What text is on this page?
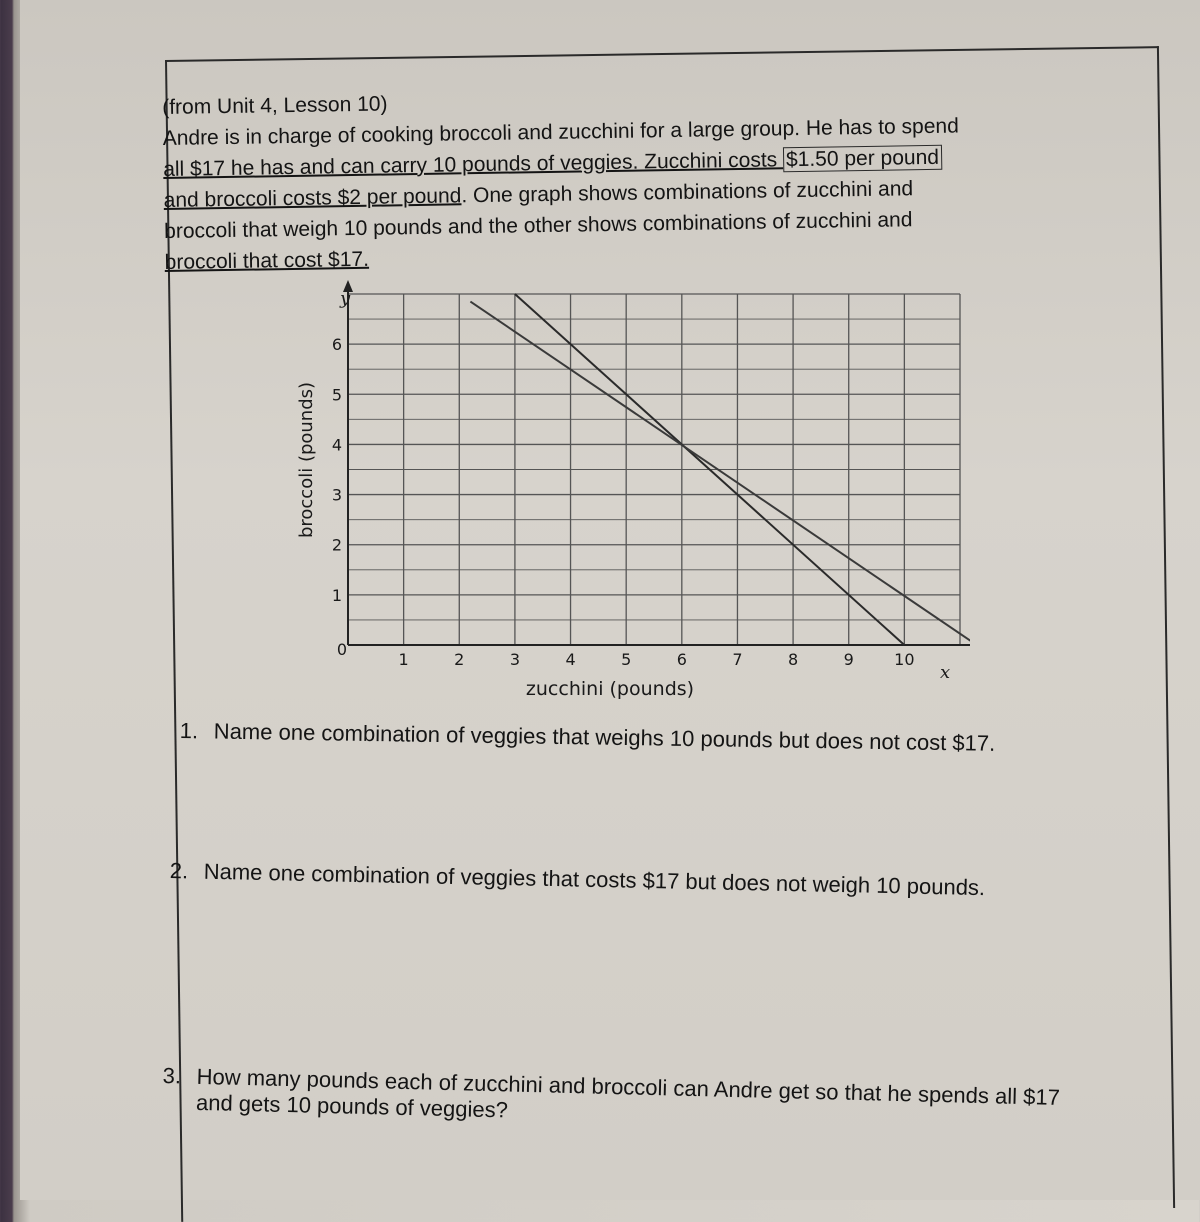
(from Unit 4, Lesson 10)

Andre is in charge of cooking broccoli and zucchini for a large group. He has to spend

all $17 he has and can carry 10 pounds of veggies. Zucchini costs $1.50 per pound

and broccoli costs $2 per pound. One graph shows combinations of zucchini and

broccoli that weigh 10 pounds and the other shows combinations of zucchini and

broccoli that cost $17.

1	2	3	4	5	6	7	8	9	10
1
2
3
4
5
6
zucchini (pounds)
broccoli (pounds)
x
y
0
1. Name one combination of veggies that weighs 10 pounds but does not cost $17.
2. Name one combination of veggies that costs $17 but does not weigh 10 pounds.
3. How many pounds each of zucchini and broccoli can Andre get so that he spends all $17 and gets 10 pounds of veggies?
